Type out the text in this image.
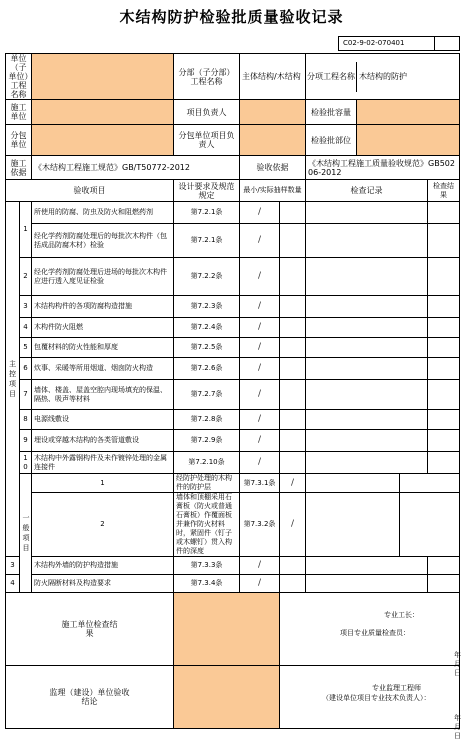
木结构防护检验批质量验收记录
C02-9-02-070401
单位（子单位）工程名称			分部（子分部）工程名称	主体结构/木结构		分项工程名称 木结构的防护			

施工单位			项目负责人			检验批容量			

分包单位			分包单位项目负责人			检验批部位			

施工依据		《木结构工程施工规范》GB/T50772-2012		验收依据		《木结构工程施工质量验收规范》GB50206-2012			
验收项目			设计要求及规范规定	最小/实际抽样数量		检查记录		检查结果	

主控项目	1	所使用的防腐、防虫及防火和阻燃药剂	第7.2.1条	/					
		经化学药剂防腐处理后的每批次木构件（包括成品防腐木材）检验	第7.2.1条	/					
	2	经化学药剂防腐处理后进场的每批次木构件应进行透入度见证检验	第7.2.2条	/					
	3	木结构构件的各项防腐构造措施	第7.2.3条	/					
	4	木构件防火阻燃	第7.2.4条	/					
	5	包覆材料的防火性能和厚度	第7.2.5条	/					
	6	炊事、采暖等所用烟道、烟囱防火构造	第7.2.6条	/					
	7	墙体、楼盖、屋盖空腔内现场填充的保温、隔热、吸声等材料	第7.2.7条	/					
	8	电源线敷设	第7.2.8条	/					
	9	埋设或穿越木结构的各类管道敷设	第7.2.9条	/					
	10	木结构中外露钢构件及未作镀锌处理的金属连接件	第7.2.10条	/					

	一般项目	1	经防护处理的木构件的防护层	第7.3.1条	/				
		2	墙体和顶棚采用石膏板（防火或普通石膏板）作覆面板并兼作防火材料时，紧固件（钉子或木螺钉）贯入构件的深度	第7.3.2条	/				
3		木结构外墙的防护构造措施	第7.3.3条	/					
4		防火隔断材料及构造要求	第7.3.4条	/					

施工单位检查结果					专业工长：
项目专业质量检查员：
年　月　日				

监理（建设）单位验收结论					专业监理工程师
（建设单位项目专业技术负责人）：
年　月　日				
